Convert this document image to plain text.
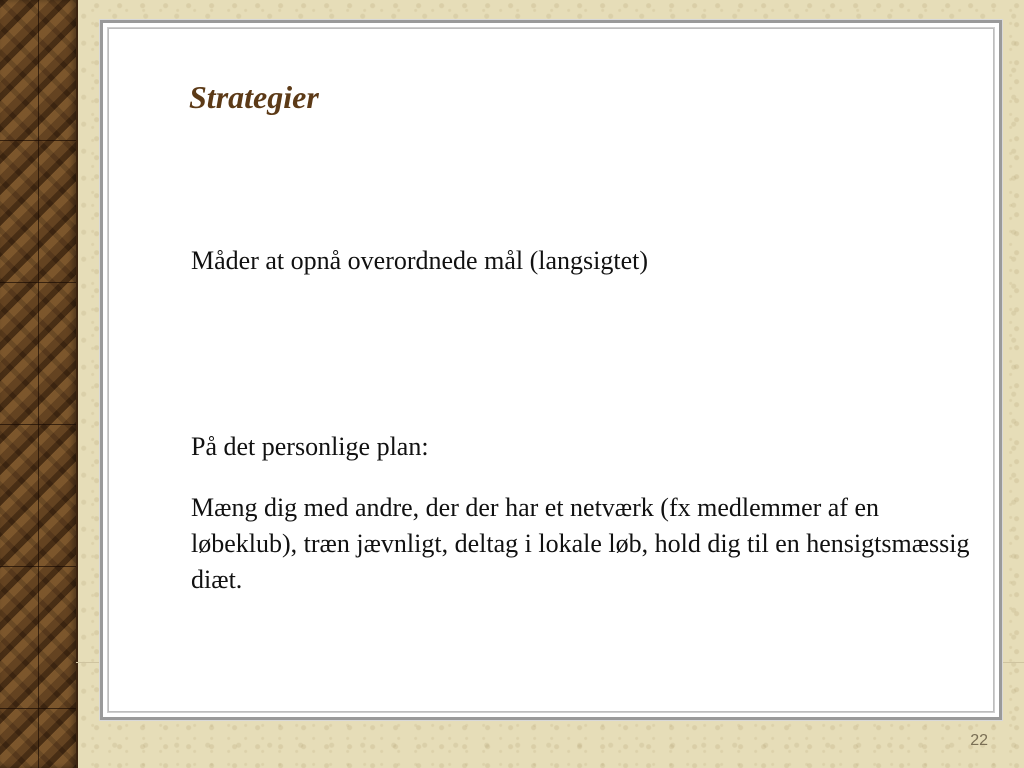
Strategier

Måder at opnå overordnede mål (langsigtet)

På det personlige plan:

Mæng dig med andre, der der har et netværk (fx medlemmer af en løbeklub), træn jævnligt, deltag i lokale løb, hold dig til en hensigtsmæssig diæt.

22
